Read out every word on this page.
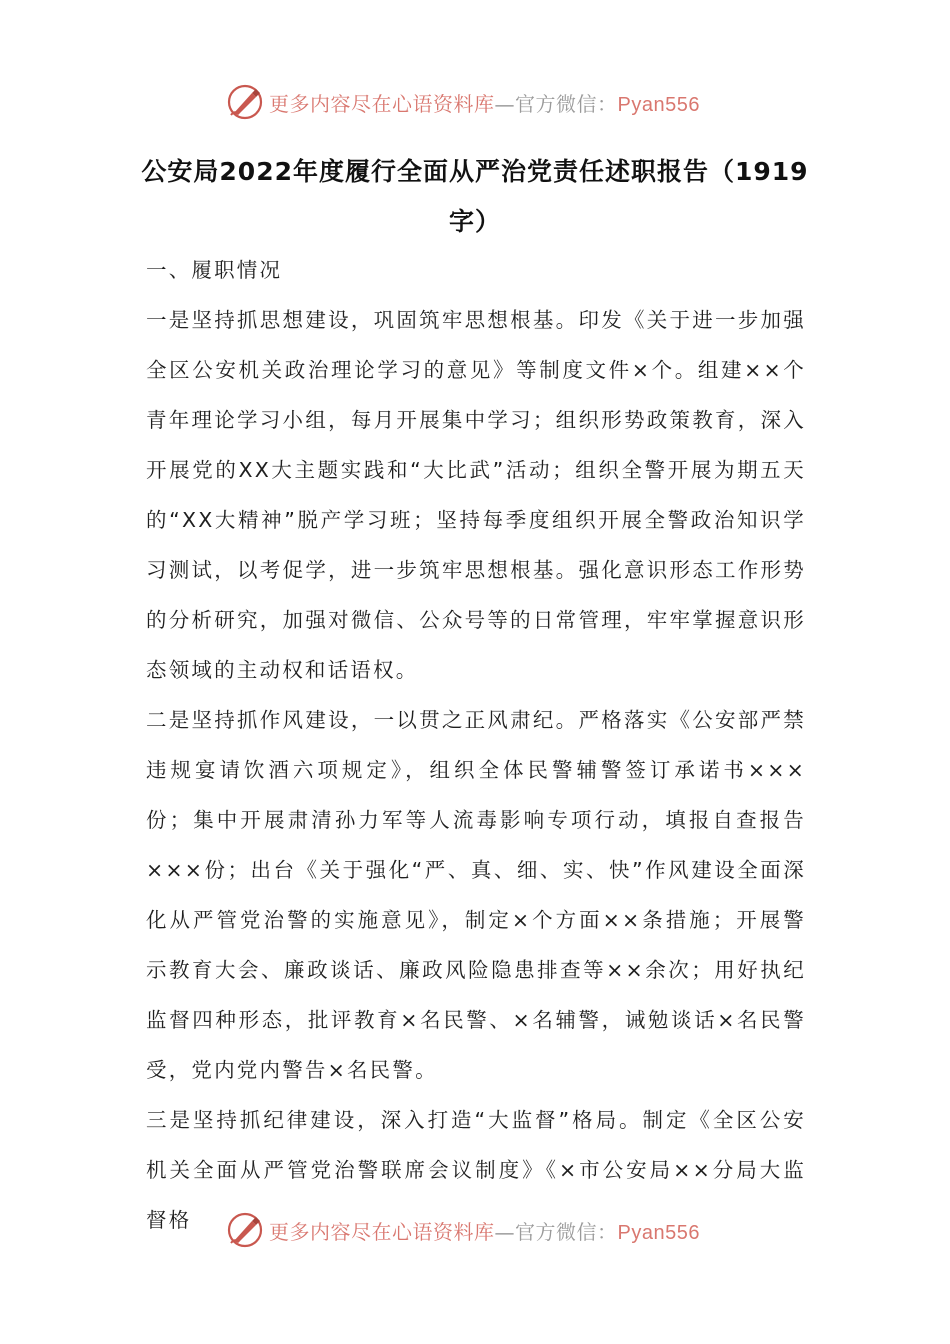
更多内容尽在心语资料库—官方微信：Pyan556
公安局2022年度履行全面从严治党责任述职报告（1919字）

一、履职情况

一是坚持抓思想建设，巩固筑牢思想根基。印发《关于进一步加强全区公安机关政治理论学习的意见》等制度文件×个。组建××个青年理论学习小组，每月开展集中学习；组织形势政策教育，深入开展党的XX大主题实践和“大比武”活动；组织全警开展为期五天的“XX大精神”脱产学习班；坚持每季度组织开展全警政治知识学习测试，以考促学，进一步筑牢思想根基。强化意识形态工作形势的分析研究，加强对微信、公众号等的日常管理，牢牢掌握意识形态领域的主动权和话语权。

二是坚持抓作风建设，一以贯之正风肃纪。严格落实《公安部严禁违规宴请饮酒六项规定》，组织全体民警辅警签订承诺书×××份；集中开展肃清孙力军等人流毒影响专项行动，填报自查报告×××份；出台《关于强化“严、真、细、实、快”作风建设全面深化从严管党治警的实施意见》，制定×个方面××条措施；开展警示教育大会、廉政谈话、廉政风险隐患排查等××余次；用好执纪监督四种形态，批评教育×名民警、×名辅警，诫勉谈话×名民警受，党内党内警告×名民警。

三是坚持抓纪律建设，深入打造“大监督”格局。制定《全区公安机关全面从严管党治警联席会议制度》《×市公安局××分局大监督格	更多内容尽在心语资料库—官方微信：Pyan556
